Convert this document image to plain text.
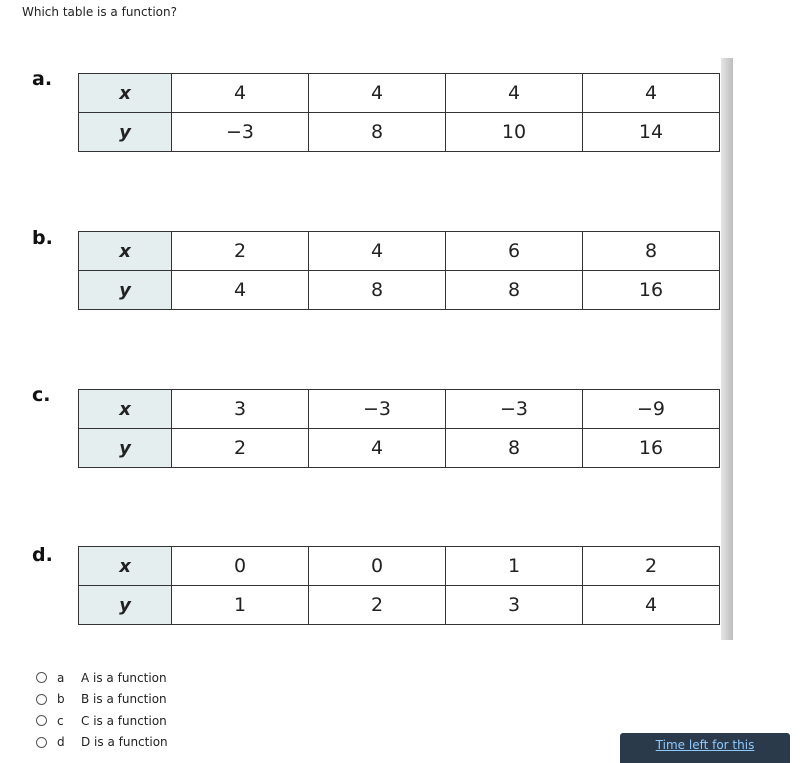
Which table is a function?
a.
x	4	4	4	4
y	−3	8	10	14
b.
x	2	4	6	8
y	4	8	8	16
c.
x	3	−3	−3	−9
y	2	4	8	16
d.	x	0	0	1	2
y	1	2	3	4
a	A is a function
b	B is a function
c	C is a function
d	D is a function	Time left for this
